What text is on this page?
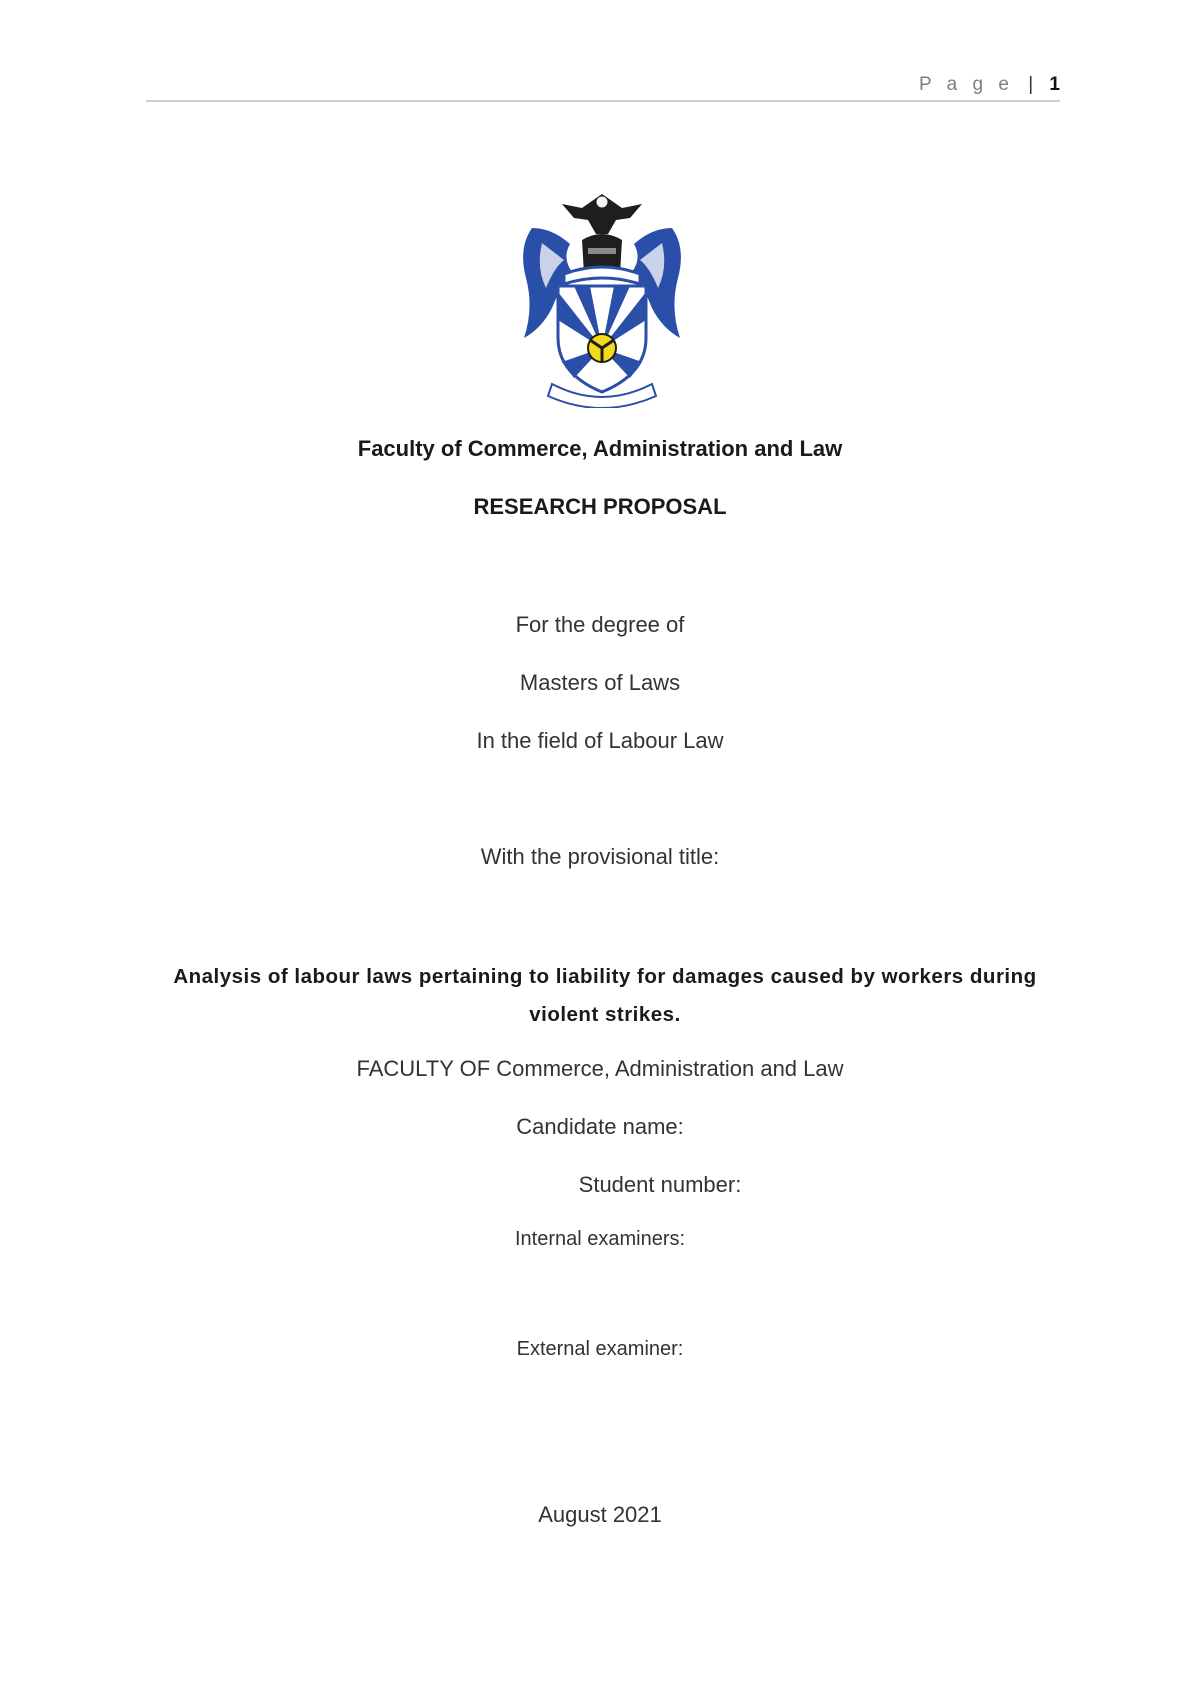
P a g e | 1
Faculty of Commerce, Administration and Law
RESEARCH PROPOSAL
For the degree of
Masters of Laws
In the field of Labour Law
With the provisional title:
Analysis of labour laws pertaining to liability for damages caused by workers during violent strikes.
FACULTY OF Commerce, Administration and Law
Candidate name:
Student number:
Internal examiners:
External examiner:
August 2021
